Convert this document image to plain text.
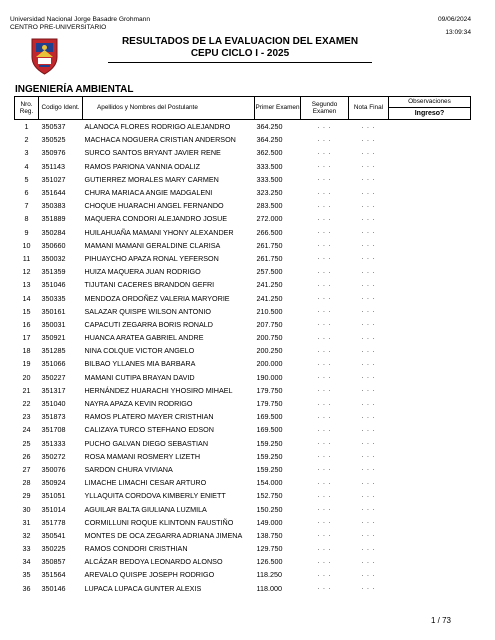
Universidad Nacional Jorge Basadre Grohmann
CENTRO PRE-UNIVERSITARIO
09/06/2024
13:09:34
RESULTADOS DE LA EVALUACION DEL EXAMEN
CEPU CICLO I - 2025
INGENIERÍA AMBIENTAL
Nro. Reg.	Codigo Ident.	Apellidos y Nombres del Postulante	Primer Examen	Segundo Examen	Nota Final	Observaciones
Ingreso?

1	350537	ALANOCA FLORES RODRIGO ALEJANDRO	364.250	. . .	. . .	
2	350525	MACHACA NOGUERA CRISTIAN ANDERSON	364.250	. . .	. . .	
3	350976	SURCO SANTOS BRYANT JAVIER RENE	362.500	. . .	. . .	
4	351143	RAMOS PARIONA VANNIA ODALIZ	333.500	. . .	. . .	
5	351027	GUTIERREZ MORALES MARY CARMEN	333.500	. . .	. . .	
6	351644	CHURA MARIACA ANGIE MADGALENI	323.250	. . .	. . .	
7	350383	CHOQUE HUARACHI ANGEL FERNANDO	283.500	. . .	. . .	
8	351889	MAQUERA CONDORI ALEJANDRO JOSUE	272.000	. . .	. . .	
9	350284	HUILAHUAÑA MAMANI YHONY ALEXANDER	266.500	. . .	. . .	
10	350660	MAMANI MAMANI GERALDINE CLARISA	261.750	. . .	. . .	
11	350032	PIHUAYCHO APAZA RONAL YEFERSON	261.750	. . .	. . .	
12	351359	HUIZA MAQUERA JUAN RODRIGO	257.500	. . .	. . .	
13	351046	TIJUTANI CACERES BRANDON GEFRI	241.250	. . .	. . .	
14	350335	MENDOZA ORDOÑEZ VALERIA MARYORIE	241.250	. . .	. . .	
15	350161	SALAZAR QUISPE WILSON ANTONIO	210.500	. . .	. . .	
16	350031	CAPACUTI ZEGARRA BORIS RONALD	207.750	. . .	. . .	
17	350921	HUANCA ARATEA GABRIEL ANDRE	200.750	. . .	. . .	
18	351285	NINA COLQUE VICTOR ANGELO	200.250	. . .	. . .	
19	351066	BILBAO YLLANES MIA BARBARA	200.000	. . .	. . .	
20	350227	MAMANI CUTIPA BRAYAN DAVID	190.000	. . .	. . .	
21	351317	HERNÁNDEZ HUARACHI YHOSIRO MIHAEL	179.750	. . .	. . .	
22	351040	NAYRA APAZA KEVIN RODRIGO	179.750	. . .	. . .	
23	351873	RAMOS PLATERO MAYER CRISTHIAN	169.500	. . .	. . .	
24	351708	CALIZAYA TURCO STEFHANO EDSON	169.500	. . .	. . .	
25	351333	PUCHO GALVAN DIEGO SEBASTIAN	159.250	. . .	. . .	
26	350272	ROSA MAMANI ROSMERY LIZETH	159.250	. . .	. . .	
27	350076	SARDON CHURA VIVIANA	159.250	. . .	. . .	
28	350924	LIMACHE LIMACHI CESAR ARTURO	154.000	. . .	. . .	
29	351051	YLLAQUITA CORDOVA KIMBERLY ENIETT	152.750	. . .	. . .	
30	351014	AGUILAR BALTA GIULIANA LUZMILA	150.250	. . .	. . .	
31	351778	CORMILLUNI ROQUE KLINTONN FAUSTIÑO	149.000	. . .	. . .	
32	350541	MONTES DE OCA ZEGARRA ADRIANA JIMENA	138.750	. . .	. . .	
33	350225	RAMOS CONDORI CRISTHIAN	129.750	. . .	. . .	
34	350857	ALCÁZAR BEDOYA LEONARDO ALONSO	126.500	. . .	. . .	
35	351564	AREVALO QUISPE JOSEPH RODRIGO	118.250	. . .	. . .	
36	350146	LUPACA LUPACA GUNTER ALEXIS	118.000	. . .	. . .	
1 / 73
